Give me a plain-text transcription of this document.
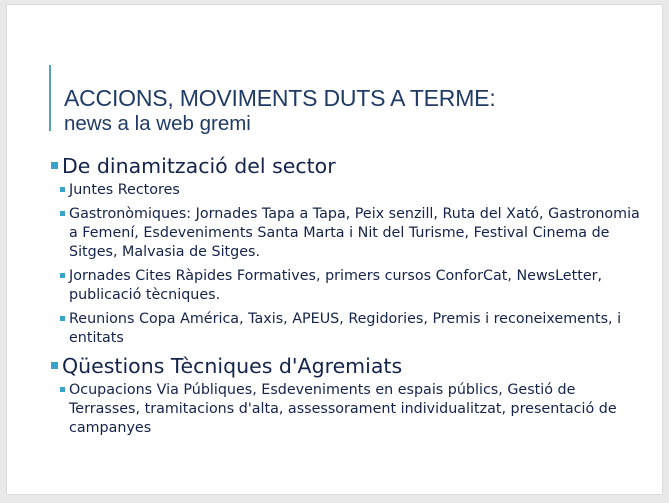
ACCIONS, MOVIMENTS DUTS A TERME:
news a la web gremi
De dinamització del sector
Juntes Rectores
Gastronòmiques: Jornades Tapa a Tapa, Peix senzill, Ruta del Xató, Gastronomia a Femení, Esdeveniments Santa Marta i Nit del Turisme, Festival Cinema de Sitges, Malvasia de Sitges.
Jornades Cites Ràpides Formatives, primers cursos ConforCat, NewsLetter, publicació tècniques.
Reunions Copa América, Taxis, APEUS, Regidories, Premis i reconeixements, i entitats
Qüestions Tècniques d'Agremiats
Ocupacions Via Públiques, Esdeveniments en espais públics, Gestió de Terrasses, tramitacions d'alta, assessorament individualitzat, presentació de campanyes
